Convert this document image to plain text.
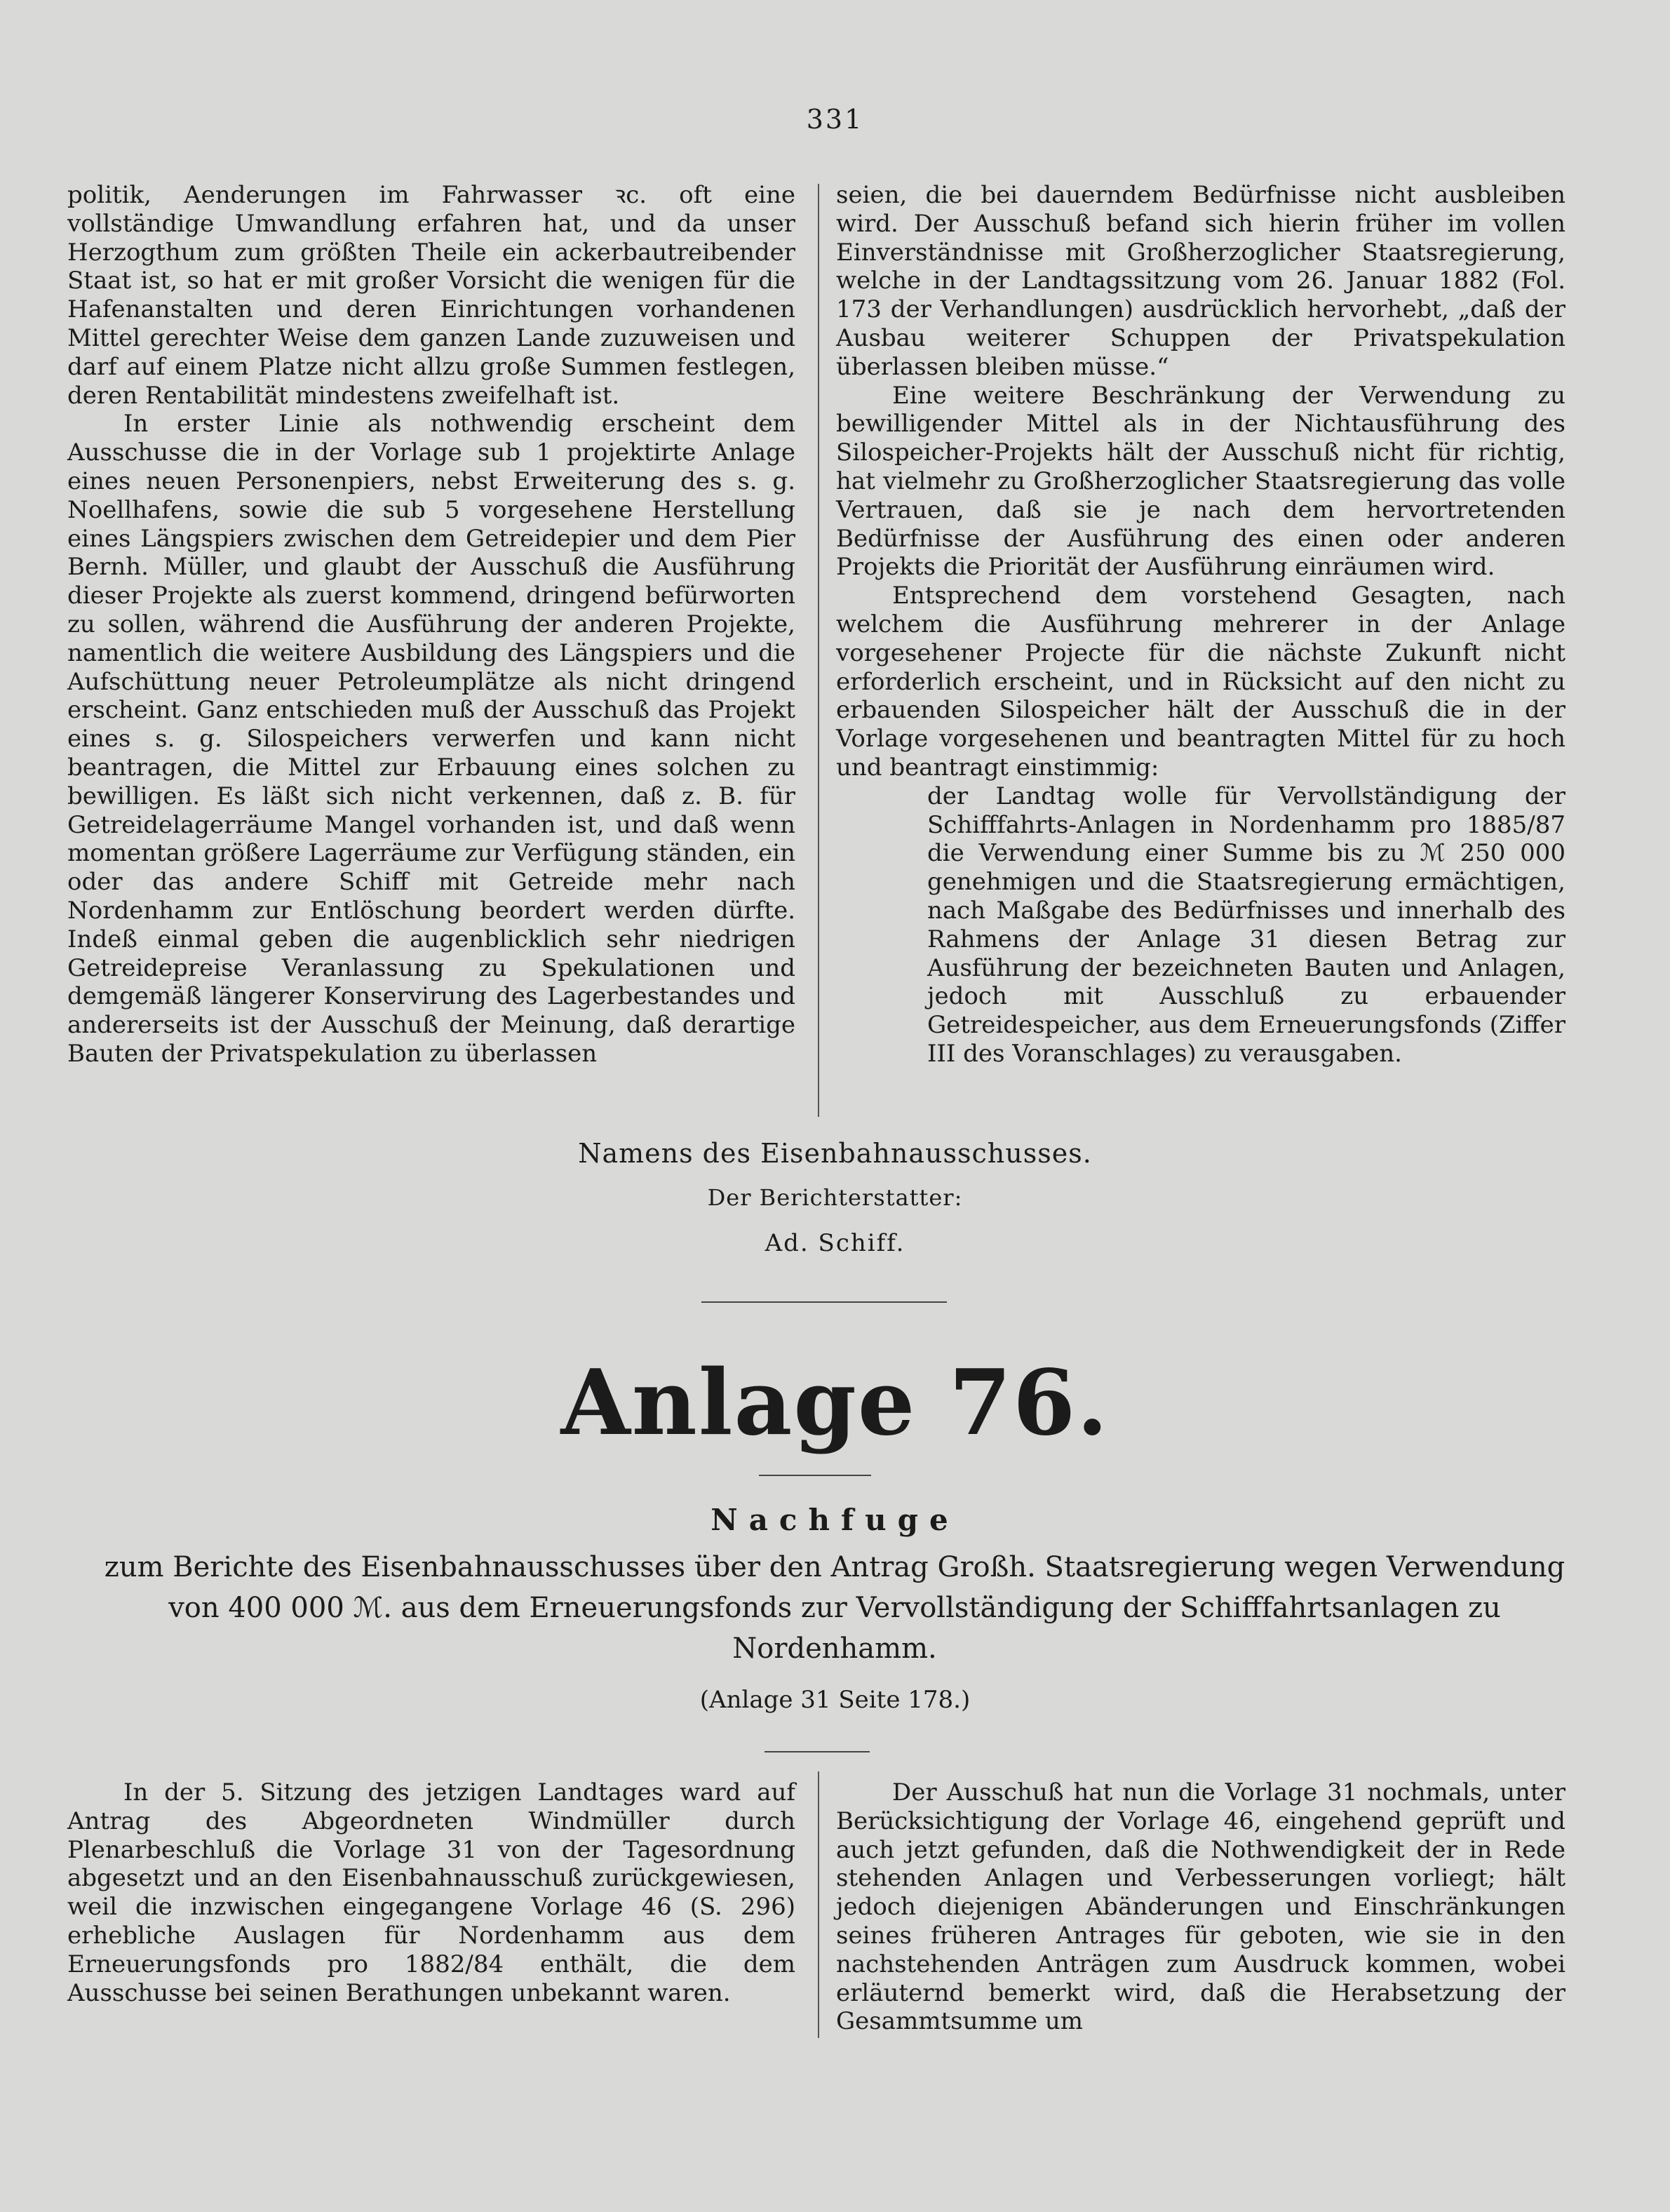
331

politik, Aenderungen im Fahrwasser ꝛc. oft eine vollständige Umwandlung erfahren hat, und da unser Herzogthum zum größten Theile ein ackerbautreibender Staat ist, so hat er mit großer Vorsicht die wenigen für die Hafenanstalten und deren Einrichtungen vorhandenen Mittel gerechter Weise dem ganzen Lande zuzuweisen und darf auf einem Platze nicht allzu große Summen festlegen, deren Rentabilität mindestens zweifelhaft ist.

In erster Linie als nothwendig erscheint dem Ausschusse die in der Vorlage sub 1 projektirte Anlage eines neuen Personenpiers, nebst Erweiterung des s. g. Noellhafens, sowie die sub 5 vorgesehene Herstellung eines Längspiers zwischen dem Getreidepier und dem Pier Bernh. Müller, und glaubt der Ausschuß die Ausführung dieser Projekte als zuerst kommend, dringend befürworten zu sollen, während die Ausführung der anderen Projekte, namentlich die weitere Ausbildung des Längspiers und die Aufschüttung neuer Petroleumplätze als nicht dringend erscheint. Ganz entschieden muß der Ausschuß das Projekt eines s. g. Silospeichers verwerfen und kann nicht beantragen, die Mittel zur Erbauung eines solchen zu bewilligen. Es läßt sich nicht verkennen, daß z. B. für Getreidelagerräume Mangel vorhanden ist, und daß wenn momentan größere Lagerräume zur Verfügung ständen, ein oder das andere Schiff mit Getreide mehr nach Nordenhamm zur Entlöschung beordert werden dürfte. Indeß einmal geben die augenblicklich sehr niedrigen Getreidepreise Veranlassung zu Spekulationen und demgemäß längerer Konservirung des Lagerbestandes und andererseits ist der Ausschuß der Meinung, daß derartige Bauten der Privatspekulation zu überlassen

seien, die bei dauerndem Bedürfnisse nicht ausbleiben wird. Der Ausschuß befand sich hierin früher im vollen Einverständnisse mit Großherzoglicher Staatsregierung, welche in der Landtagssitzung vom 26. Januar 1882 (Fol. 173 der Verhandlungen) ausdrücklich hervorhebt, „daß der Ausbau weiterer Schuppen der Privatspekulation überlassen bleiben müsse.“

Eine weitere Beschränkung der Verwendung zu bewilligender Mittel als in der Nichtausführung des Silospeicher-Projekts hält der Ausschuß nicht für richtig, hat vielmehr zu Großherzoglicher Staatsregierung das volle Vertrauen, daß sie je nach dem hervortretenden Bedürfnisse der Ausführung des einen oder anderen Projekts die Priorität der Ausführung einräumen wird.

Entsprechend dem vorstehend Gesagten, nach welchem die Ausführung mehrerer in der Anlage vorgesehener Projecte für die nächste Zukunft nicht erforderlich erscheint, und in Rücksicht auf den nicht zu erbauenden Silospeicher hält der Ausschuß die in der Vorlage vorgesehenen und beantragten Mittel für zu hoch und beantragt einstimmig:

der Landtag wolle für Vervollständigung der Schifffahrts-Anlagen in Nordenhamm pro 1885/87 die Verwendung einer Summe bis zu ℳ 250 000 genehmigen und die Staatsregierung ermächtigen, nach Maßgabe des Bedürfnisses und innerhalb des Rahmens der Anlage 31 diesen Betrag zur Ausführung der bezeichneten Bauten und Anlagen, jedoch mit Ausschluß zu erbauender Getreidespeicher, aus dem Erneuerungsfonds (Ziffer III des Voranschlages) zu verausgaben.

Namens des Eisenbahnausschusses.
Der Berichterstatter:
Ad. Schiff.
Anlage 76.
Nachfuge
zum Berichte des Eisenbahnausschusses über den Antrag Großh. Staatsregierung wegen Verwendung von 400 000 ℳ. aus dem Erneuerungsfonds zur Vervollständigung der Schifffahrtsanlagen zu Nordenhamm.
(Anlage 31 Seite 178.)

In der 5. Sitzung des jetzigen Landtages ward auf Antrag des Abgeordneten Windmüller durch Plenarbeschluß die Vorlage 31 von der Tagesordnung abgesetzt und an den Eisenbahnausschuß zurückgewiesen, weil die inzwischen eingegangene Vorlage 46 (S. 296) erhebliche Auslagen für Nordenhamm aus dem Erneuerungsfonds pro 1882/84 enthält, die dem Ausschusse bei seinen Berathungen unbekannt waren.

Der Ausschuß hat nun die Vorlage 31 nochmals, unter Berücksichtigung der Vorlage 46, eingehend geprüft und auch jetzt gefunden, daß die Nothwendigkeit der in Rede stehenden Anlagen und Verbesserungen vorliegt; hält jedoch diejenigen Abänderungen und Einschränkungen seines früheren Antrages für geboten, wie sie in den nachstehenden Anträgen zum Ausdruck kommen, wobei erläuternd bemerkt wird, daß die Herabsetzung der Gesammtsumme um
